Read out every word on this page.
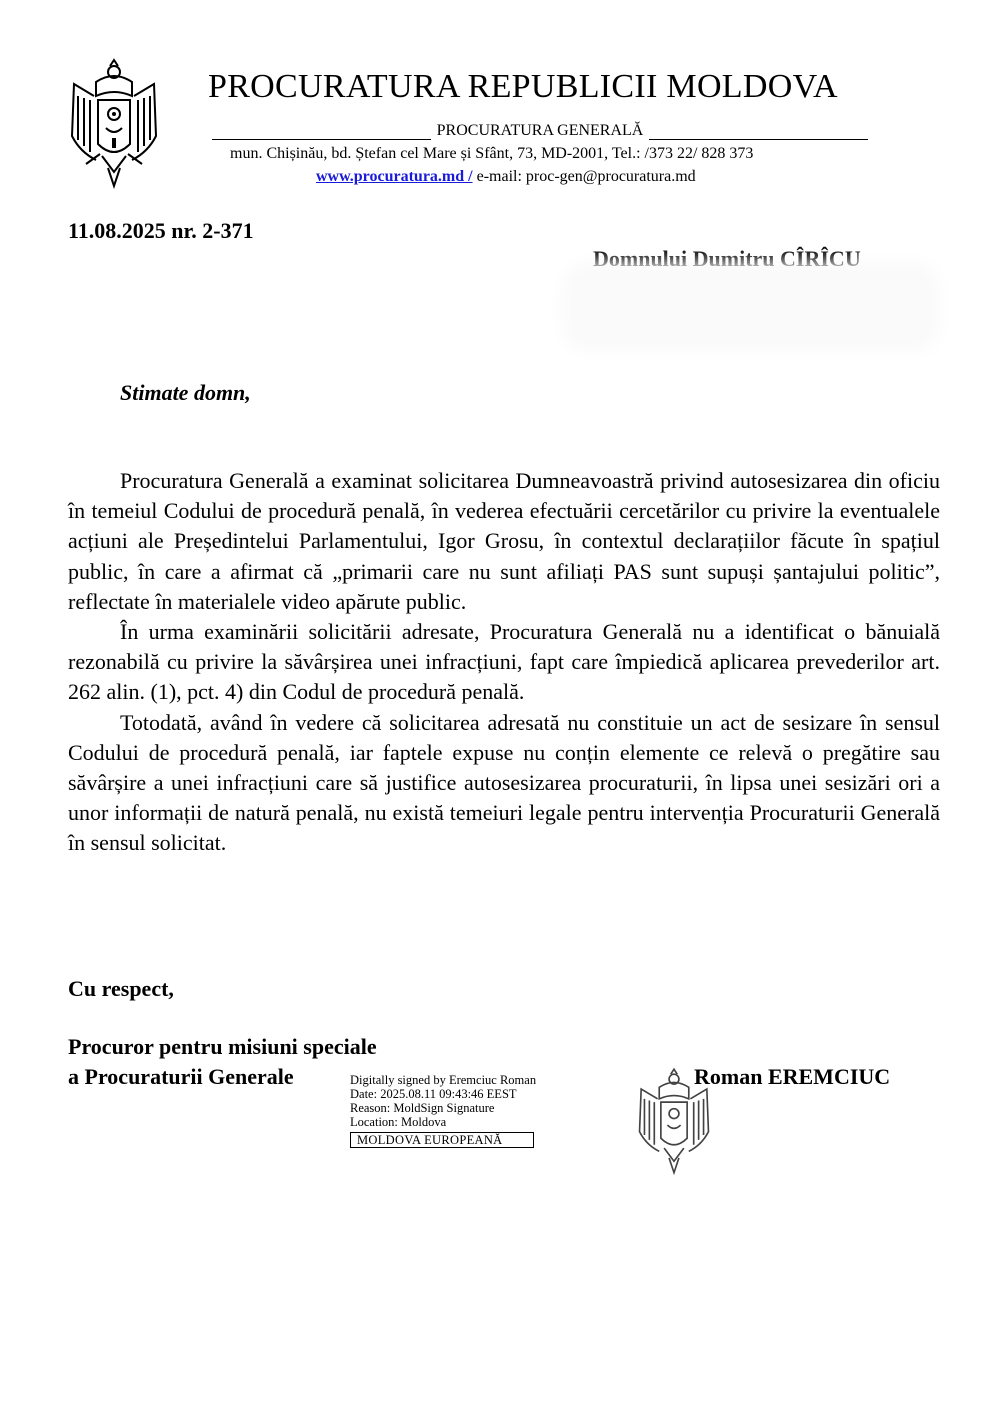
PROCURATURA REPUBLICII MOLDOVA
PROCURATURA GENERALĂ
mun. Chișinău, bd. Ștefan cel Mare și Sfânt, 73, MD-2001, Tel.: /373 22/ 828 373
www.procuratura.md / e-mail: proc-gen@procuratura.md
11.08.2025 nr. 2-371
Domnului Dumitru CÎRÎCU
Stimate domn,

Procuratura Generală a examinat solicitarea Dumneavoastră privind autosesizarea din oficiu în temeiul Codului de procedură penală, în vederea efectuării cercetărilor cu privire la eventualele acțiuni ale Președintelui Parlamentului, Igor Grosu, în contextul declarațiilor făcute în spațiul public, în care a afirmat că „primarii care nu sunt afiliați PAS sunt supuși șantajului politic”, reflectate în materialele video apărute public.

În urma examinării solicitării adresate, Procuratura Generală nu a identificat o bănuială rezonabilă cu privire la săvârșirea unei infracțiuni, fapt care împiedică aplicarea prevederilor art. 262 alin. (1), pct. 4) din Codul de procedură penală.

Totodată, având în vedere că solicitarea adresată nu constituie un act de sesizare în sensul Codului de procedură penală, iar faptele expuse nu conțin elemente ce relevă o pregătire sau săvârșire a unei infracțiuni care să justifice autosesizarea procuraturii, în lipsa unei sesizări ori a unor informații de natură penală, nu există temeiuri legale pentru intervenția Procuraturii Generală în sensul solicitat.

Cu respect,
Procuror pentru misiuni speciale
a Procuraturii Generale	Digitally signed by Eremciuc Roman
Date: 2025.08.11 09:43:46 EEST
Reason: MoldSign Signature
Location: Moldova
MOLDOVA EUROPEANĂ
Roman EREMCIUC
